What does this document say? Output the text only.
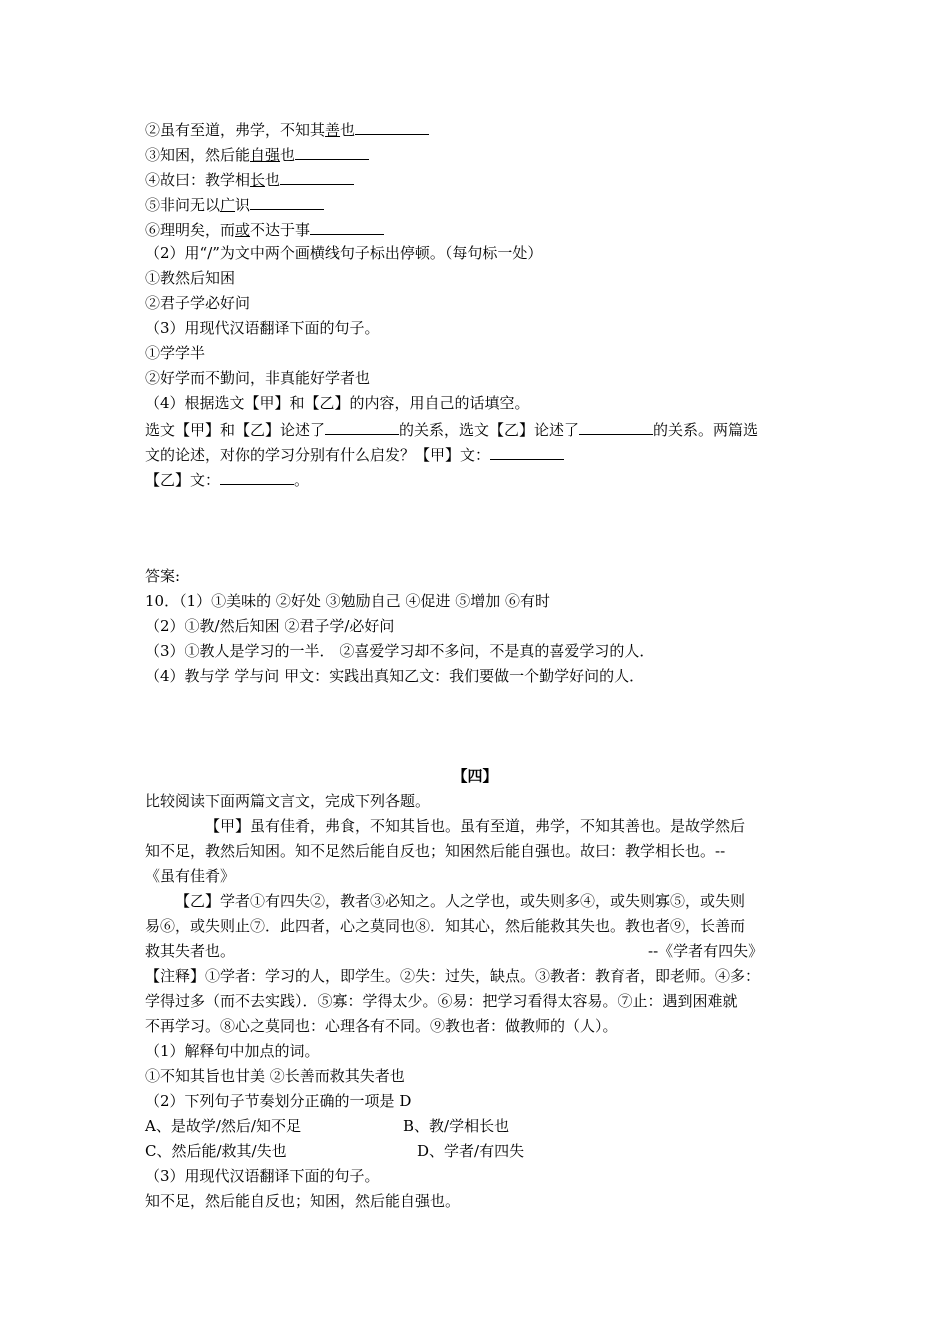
②虽有至道，弗学，不知其善也
③知困，然后能自强也
④故曰：教学相长也
⑤非问无以广识
⑥理明矣，而或不达于事
（2）用“/”为文中两个画横线句子标出停顿。（每句标一处）
①教然后知困
②君子学必好问
（3）用现代汉语翻译下面的句子。
①学学半
②好学而不勤问，非真能好学者也
（4）根据选文【甲】和【乙】的内容，用自己的话填空。
选文【甲】和【乙】论述了	的关系，选文【乙】论述了	的关系。两篇选
文的论述，对你的学习分别有什么启发？【甲】文：
【乙】文：	。
答案:
10．（1）①美味的 ②好处 ③勉励自己 ④促进 ⑤增加 ⑥有时
（2）①教/然后知困 ②君子学/必好问
（3）①教人是学习的一半． ②喜爱学习却不多问，不是真的喜爱学习的人．
（4）教与学 学与问 甲文：实践出真知乙文：我们要做一个勤学好问的人．
【四】
比较阅读下面两篇文言文，完成下列各题。
【甲】虽有佳肴，弗食，不知其旨也。虽有至道，弗学，不知其善也。是故学然后
知不足，教然后知困。知不足然后能自反也；知困然后能自强也。故曰：教学相长也。--
《虽有佳肴》
【乙】学者①有四失②，教者③必知之。人之学也，或失则多④，或失则寡⑤，或失则
易⑥，或失则止⑦．此四者，心之莫同也⑧．知其心，然后能救其失也。教也者⑨，长善而
救其失者也。	--《学者有四失》
【注释】①学者：学习的人，即学生。②失：过失，缺点。③教者：教育者，即老师。④多：
学得过多（而不去实践）．⑤寡：学得太少。⑥易：把学习看得太容易。⑦止：遇到困难就
不再学习。⑧心之莫同也：心理各有不同。⑨教也者：做教师的（人）。
（1）解释句中加点的词。
①不知其旨也甘美 ②长善而救其失者也
（2）下列句子节奏划分正确的一项是 D
A、是故学/然后/知不足	B、教/学相长也
C、然后能/救其/失也	D、学者/有四失
（3）用现代汉语翻译下面的句子。
知不足，然后能自反也；知困，然后能自强也。
